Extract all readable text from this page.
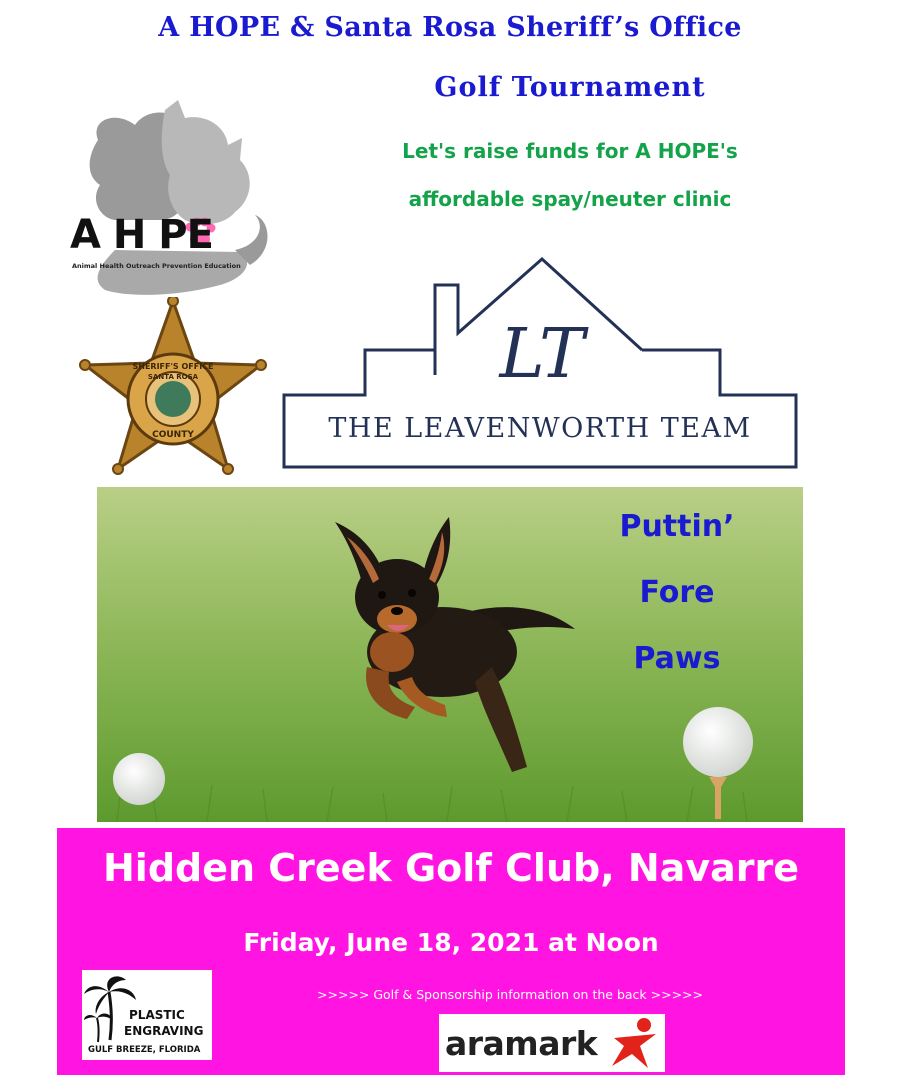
A HOPE & Santa Rosa Sheriff’s Office
Golf Tournament
Let's raise funds for A HOPE's
affordable spay/neuter clinic
A H PE
Animal Health Outreach Prevention Education
SHERIFF'S OFFICE
SANTA ROSA
COUNTY
LT
THE LEAVENWORTH TEAM
Puttin’
Fore
Paws
Hidden Creek Golf Club, Navarre
Friday, June 18, 2021 at Noon
>>>>> Golf & Sponsorship information on the back >>>>>
PLASTIC
ENGRAVING
GULF BREEZE, FLORIDA	aramark
